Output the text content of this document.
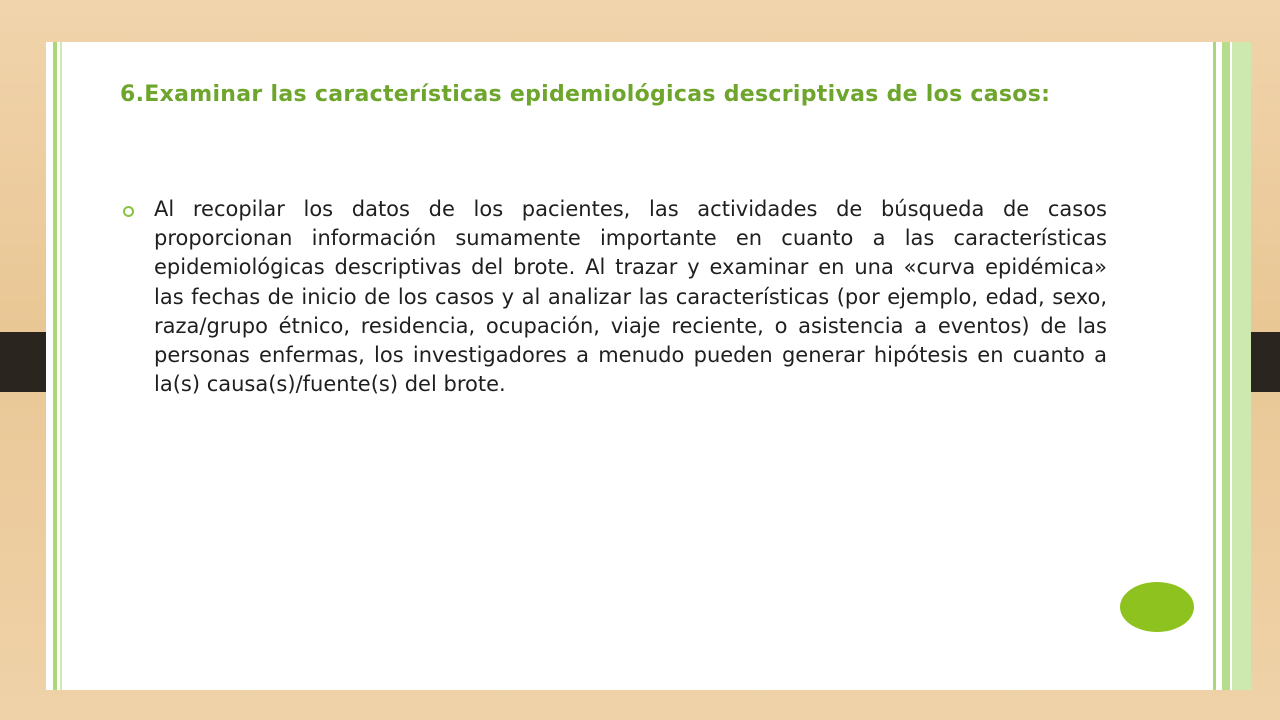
6.Examinar las características epidemiológicas descriptivas de los casos:

Al recopilar los datos de los pacientes, las actividades de búsqueda de casos proporcionan información sumamente importante en cuanto a las características epidemiológicas descriptivas del brote. Al trazar y examinar en una «curva epidémica» las fechas de inicio de los casos y al analizar las características (por ejemplo, edad, sexo, raza/grupo étnico, residencia, ocupación, viaje reciente, o asistencia a eventos) de las personas enfermas, los investigadores a menudo pueden generar hipótesis en cuanto a la(s) causa(s)/fuente(s) del brote.
